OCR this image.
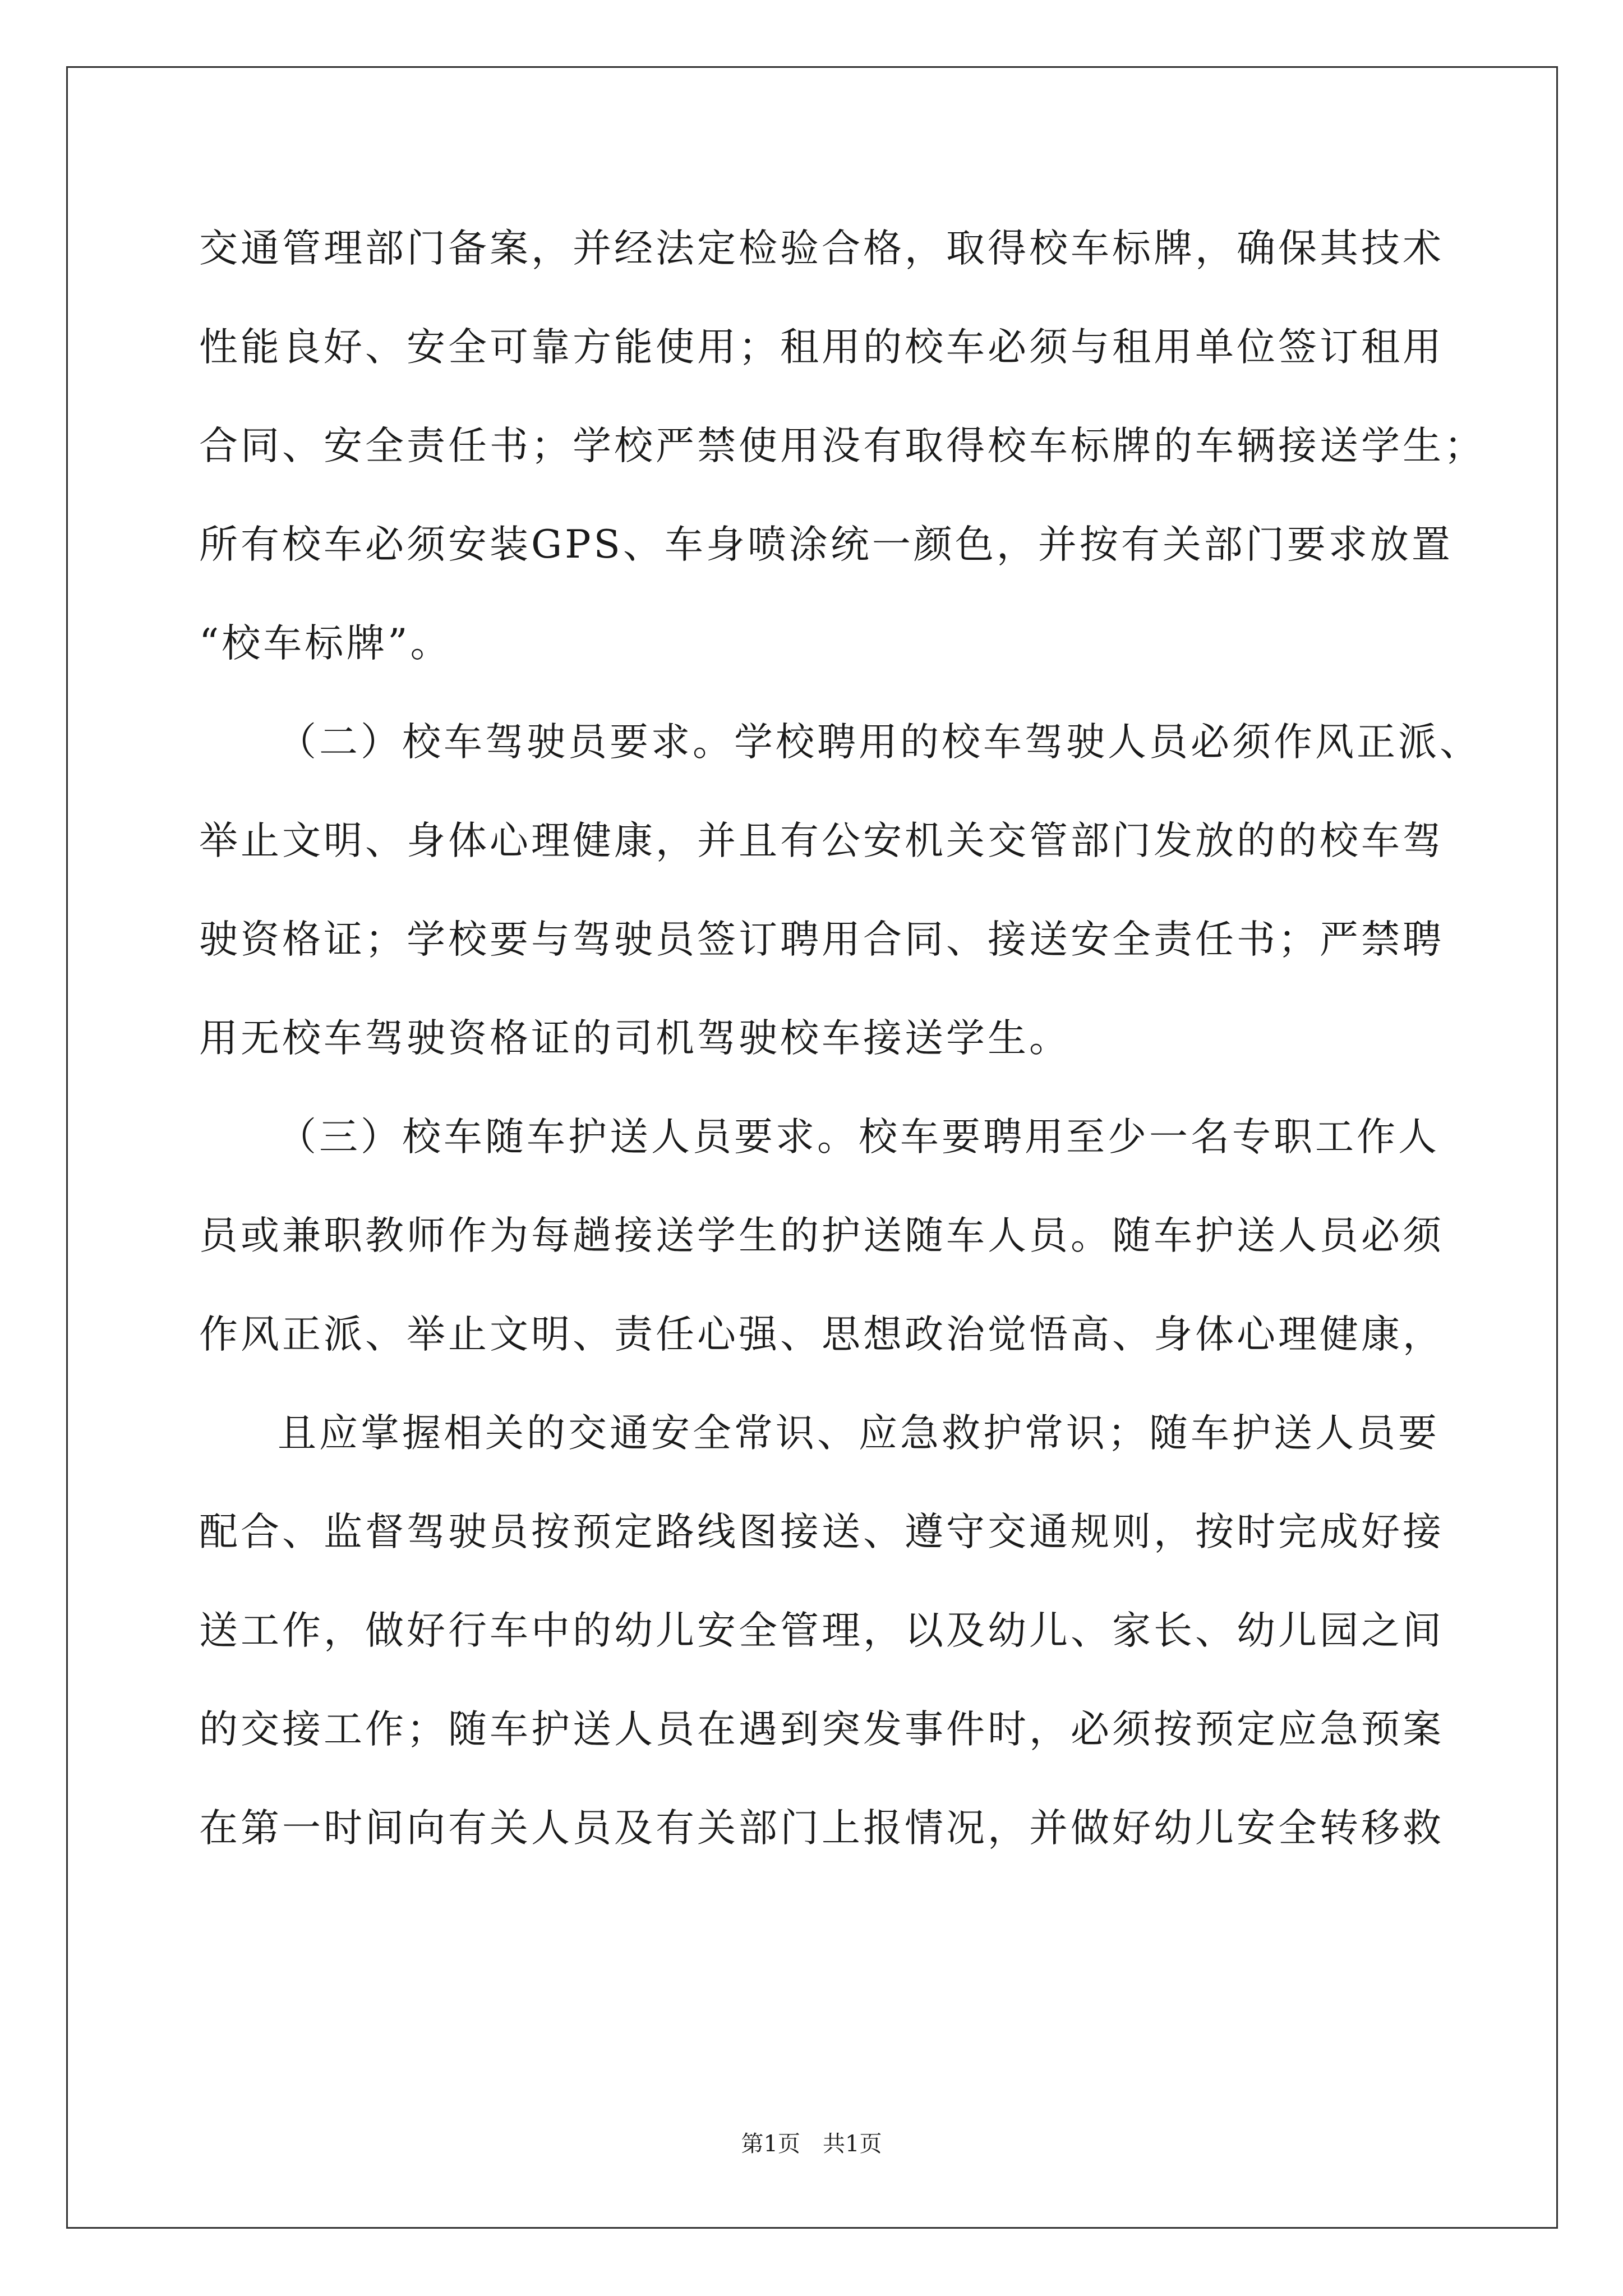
交通管理部门备案，并经法定检验合格，取得校车标牌，确保其技术
性能良好、安全可靠方能使用；租用的校车必须与租用单位签订租用
合同、安全责任书；学校严禁使用没有取得校车标牌的车辆接送学生；
所有校车必须安装GPS、车身喷涂统一颜色，并按有关部门要求放置
“校车标牌”。
（二）校车驾驶员要求。学校聘用的校车驾驶人员必须作风正派、
举止文明、身体心理健康，并且有公安机关交管部门发放的的校车驾
驶资格证；学校要与驾驶员签订聘用合同、接送安全责任书；严禁聘
用无校车驾驶资格证的司机驾驶校车接送学生。
（三）校车随车护送人员要求。校车要聘用至少一名专职工作人
员或兼职教师作为每趟接送学生的护送随车人员。随车护送人员必须
作风正派、举止文明、责任心强、思想政治觉悟高、身体心理健康，
且应掌握相关的交通安全常识、应急救护常识；随车护送人员要
配合、监督驾驶员按预定路线图接送、遵守交通规则，按时完成好接
送工作，做好行车中的幼儿安全管理，以及幼儿、家长、幼儿园之间
的交接工作；随车护送人员在遇到突发事件时，必须按预定应急预案
在第一时间向有关人员及有关部门上报情况，并做好幼儿安全转移救
第1页 共1页
